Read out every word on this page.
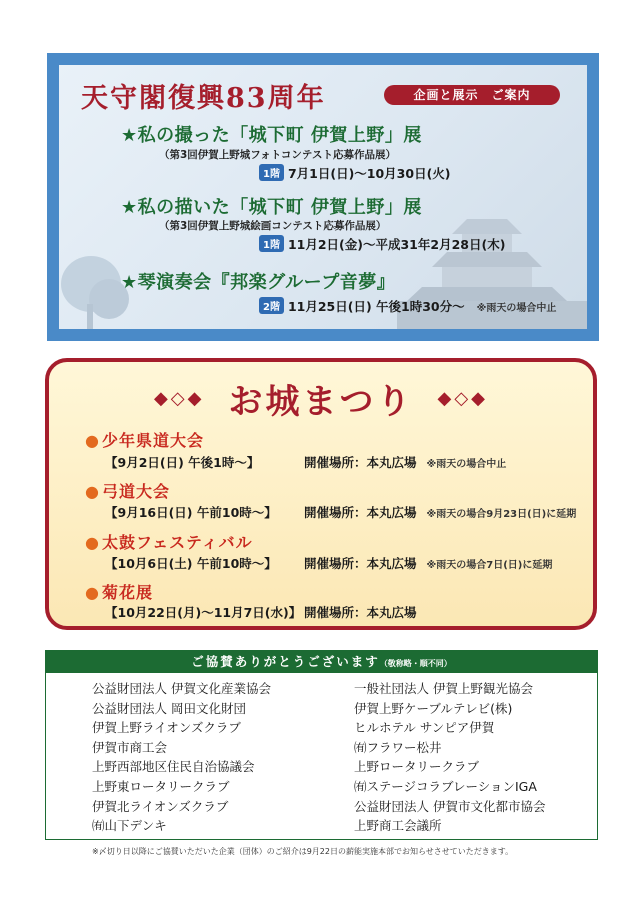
天守閣復興83周年	企画と展示　ご案内
★私の撮った「城下町 伊賀上野」展
（第3回伊賀上野城フォトコンテスト応募作品展）
1階 7月1日(日)〜10月30日(火)
★私の描いた「城下町 伊賀上野」展
（第3回伊賀上野城絵画コンテスト応募作品展）
1階 11月2日(金)〜平成31年2月28日(木)
★琴演奏会『邦楽グループ音夢』
2階 11月25日(日) 午後1時30分〜 ※雨天の場合中止
◆◇◆ お城まつり ◆◇◆
● 少年県道大会
【9月2日(日) 午後1時〜】	開催場所：本丸広場 ※雨天の場合中止
● 弓道大会
【9月16日(日) 午前10時〜】 開催場所：本丸広場 ※雨天の場合9月23日(日)に延期
● 太鼓フェスティバル
【10月6日(土) 午前10時〜】 開催場所：本丸広場 ※雨天の場合7日(日)に延期
● 菊花展
【10月22日(月)〜11月7日(水)】 開催場所：本丸広場
ご協賛ありがとうございます（敬称略・順不同）
公益財団法人 伊賀文化産業協会
公益財団法人 岡田文化財団
伊賀上野ライオンズクラブ
伊賀市商工会
上野西部地区住民自治協議会
上野東ロータリークラブ
伊賀北ライオンズクラブ
㈲山下デンキ
一般社団法人 伊賀上野観光協会
伊賀上野ケーブルテレビ(株)
ヒルホテル サンピア伊賀
㈲フラワー松井
上野ロータリークラブ
㈲ステージコラブレーションIGA
公益財団法人 伊賀市文化都市協会
上野商工会議所
※〆切り日以降にご協賛いただいた企業（団体）のご紹介は9月22日の薪能実施本部でお知らせさせていただきます。
